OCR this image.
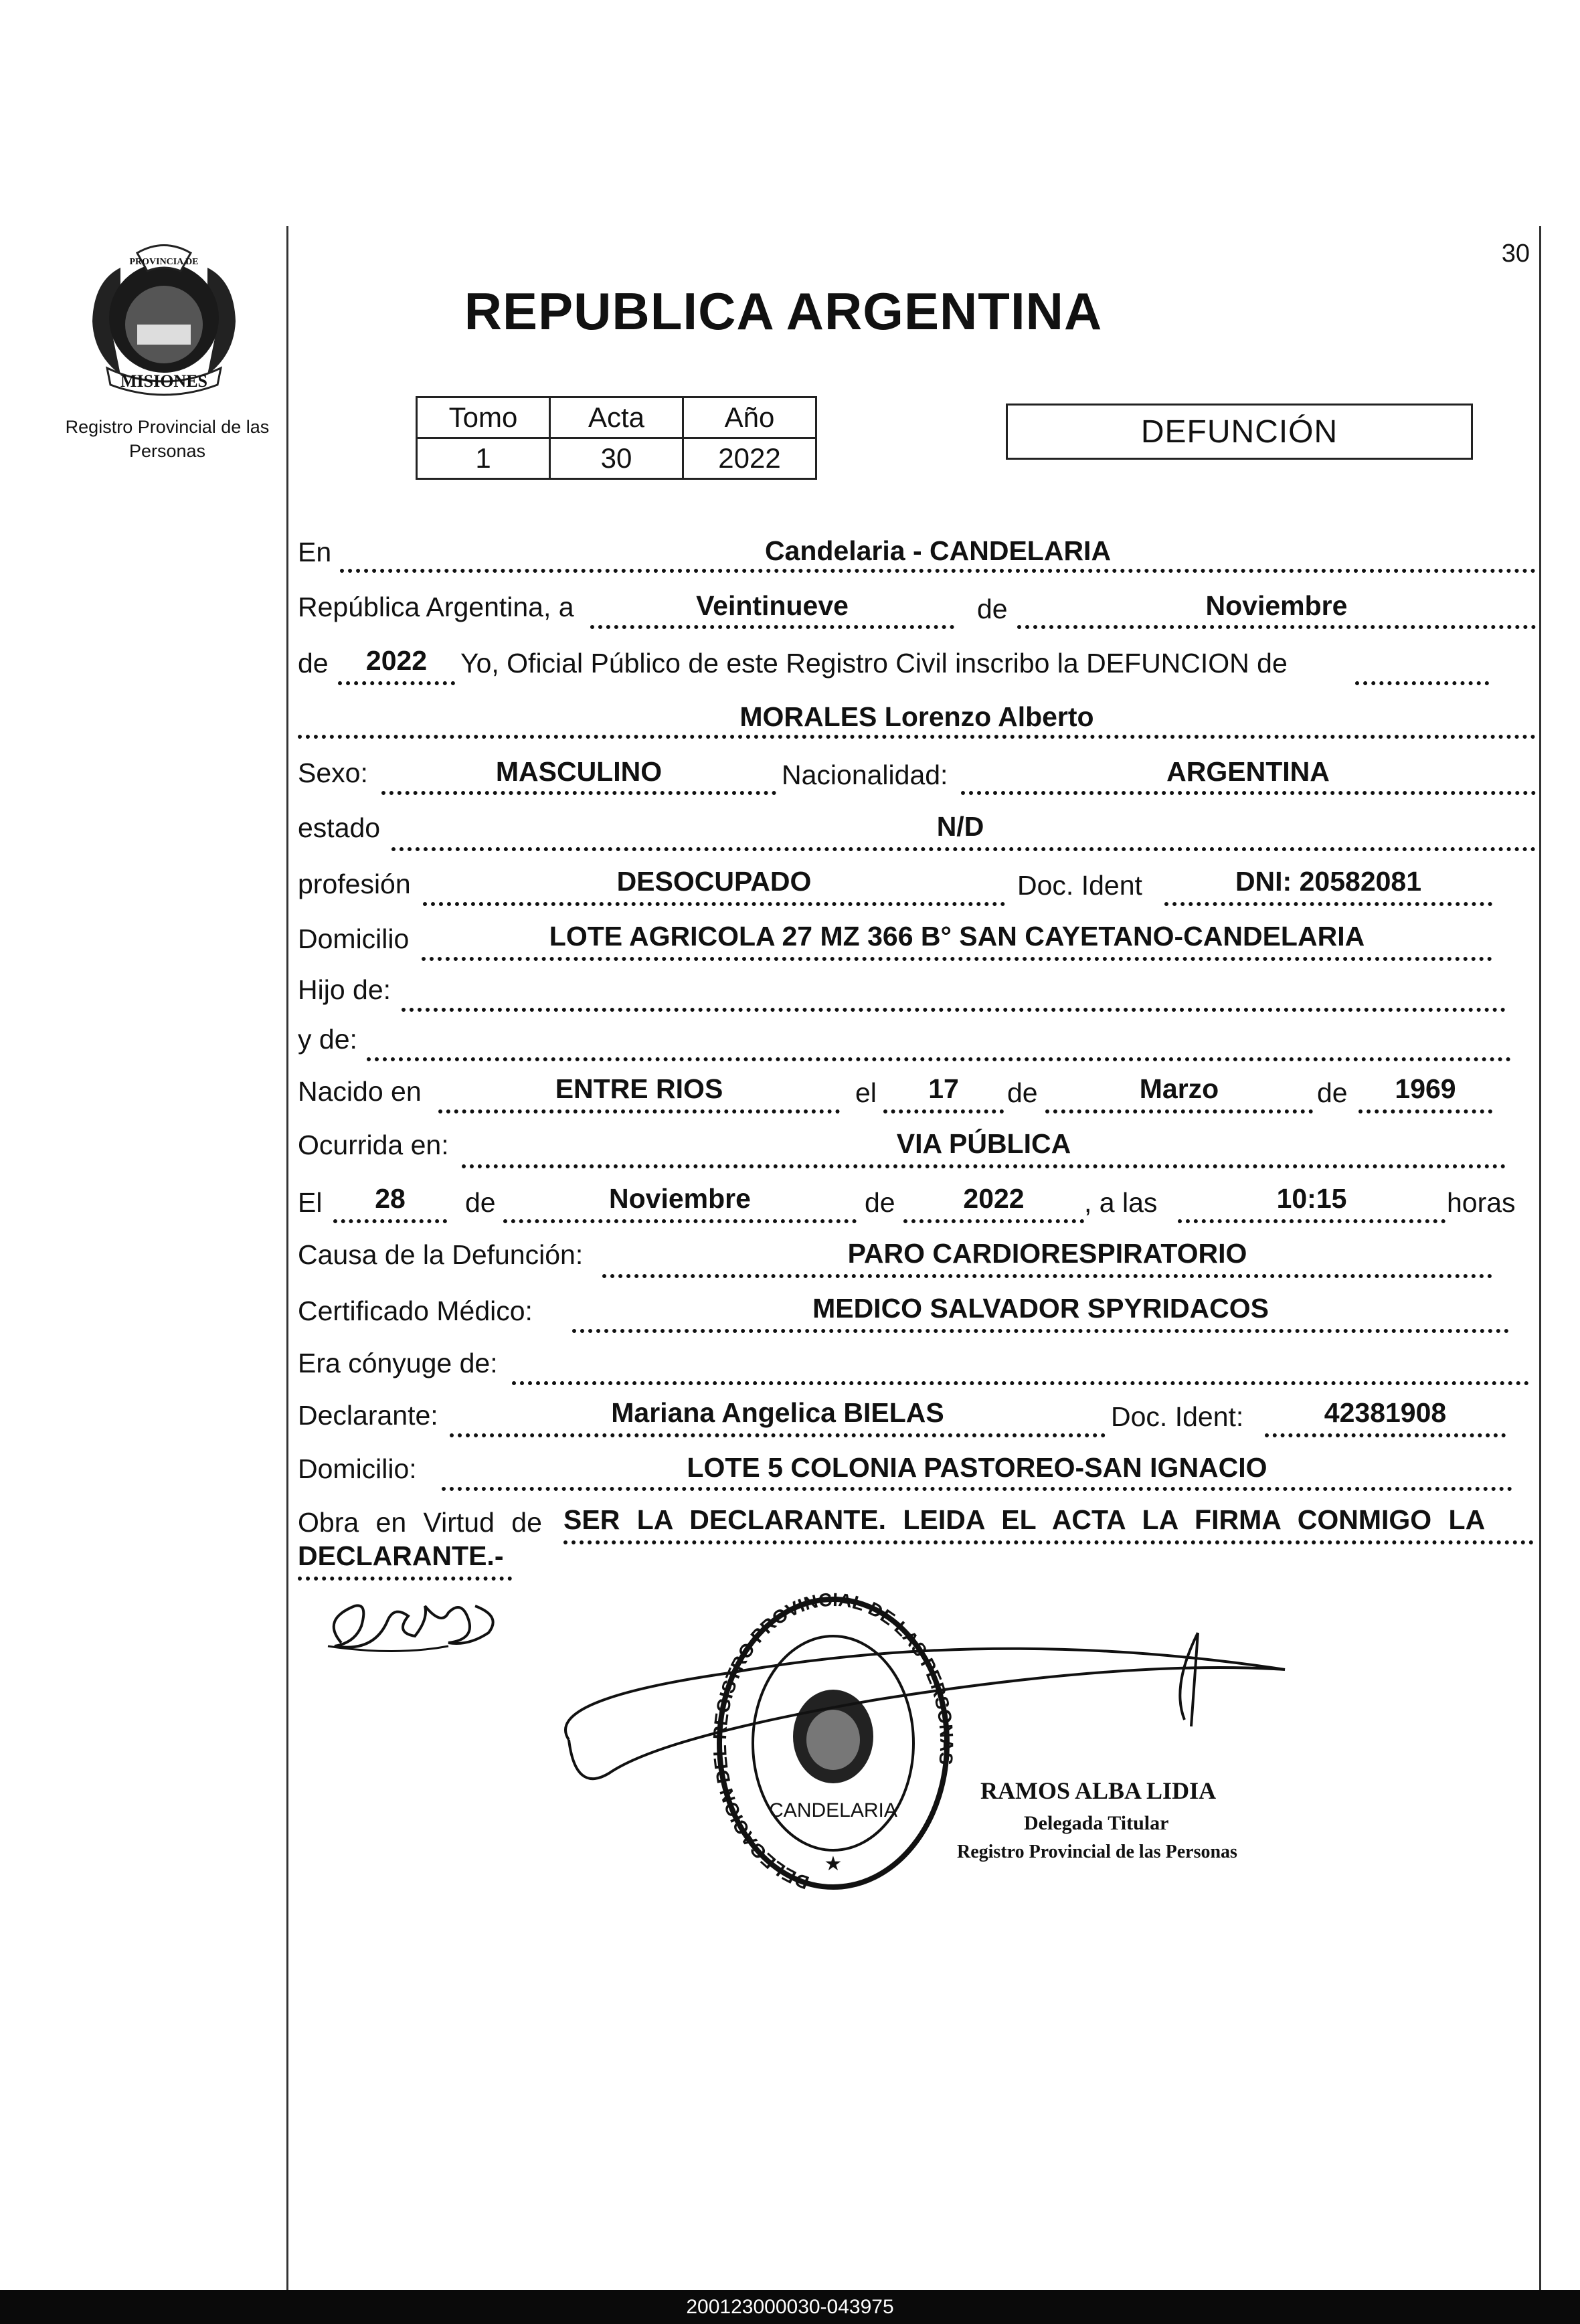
PROVINCIA DE
MISIONES
Registro Provincial de las Personas
30
REPUBLICA ARGENTINA
Tomo	Acta	Año
1	30	2022
DEFUNCIÓN
En	Candelaria - CANDELARIA
República Argentina, a	Veintinueve	de	Noviembre
de	2022	Yo, Oficial Público de este Registro Civil inscribo la DEFUNCION de
MORALES Lorenzo Alberto
Sexo:	MASCULINO	Nacionalidad:	ARGENTINA
estado	N/D
profesión	DESOCUPADO	Doc. Ident	DNI: 20582081
Domicilio	LOTE AGRICOLA 27 MZ 366 B° SAN CAYETANO-CANDELARIA
Hijo de:
y de:
Nacido en	ENTRE RIOS	el	17	de	Marzo	de	1969
Ocurrida en:	VIA PÚBLICA
El	28	de	Noviembre	de	2022	, a las	10:15	horas
Causa de la Defunción:	PARO CARDIORESPIRATORIO
Certificado Médico:	MEDICO SALVADOR SPYRIDACOS
Era cónyuge de:
Declarante:	Mariana Angelica BIELAS	Doc. Ident:	42381908
Domicilio:	LOTE 5 COLONIA PASTOREO-SAN IGNACIO
Obra en Virtud de SER LA DECLARANTE. LEIDA EL ACTA LA FIRMA CONMIGO LA
DECLARANTE.-
DELEGACION D GISTRO PROVINCIAL DE LAS PERS
CANDELARIA
★
RAMOS ALBA LIDIA
Delegada Titular
Registro Provincial de las Personas
200123000030-043975
